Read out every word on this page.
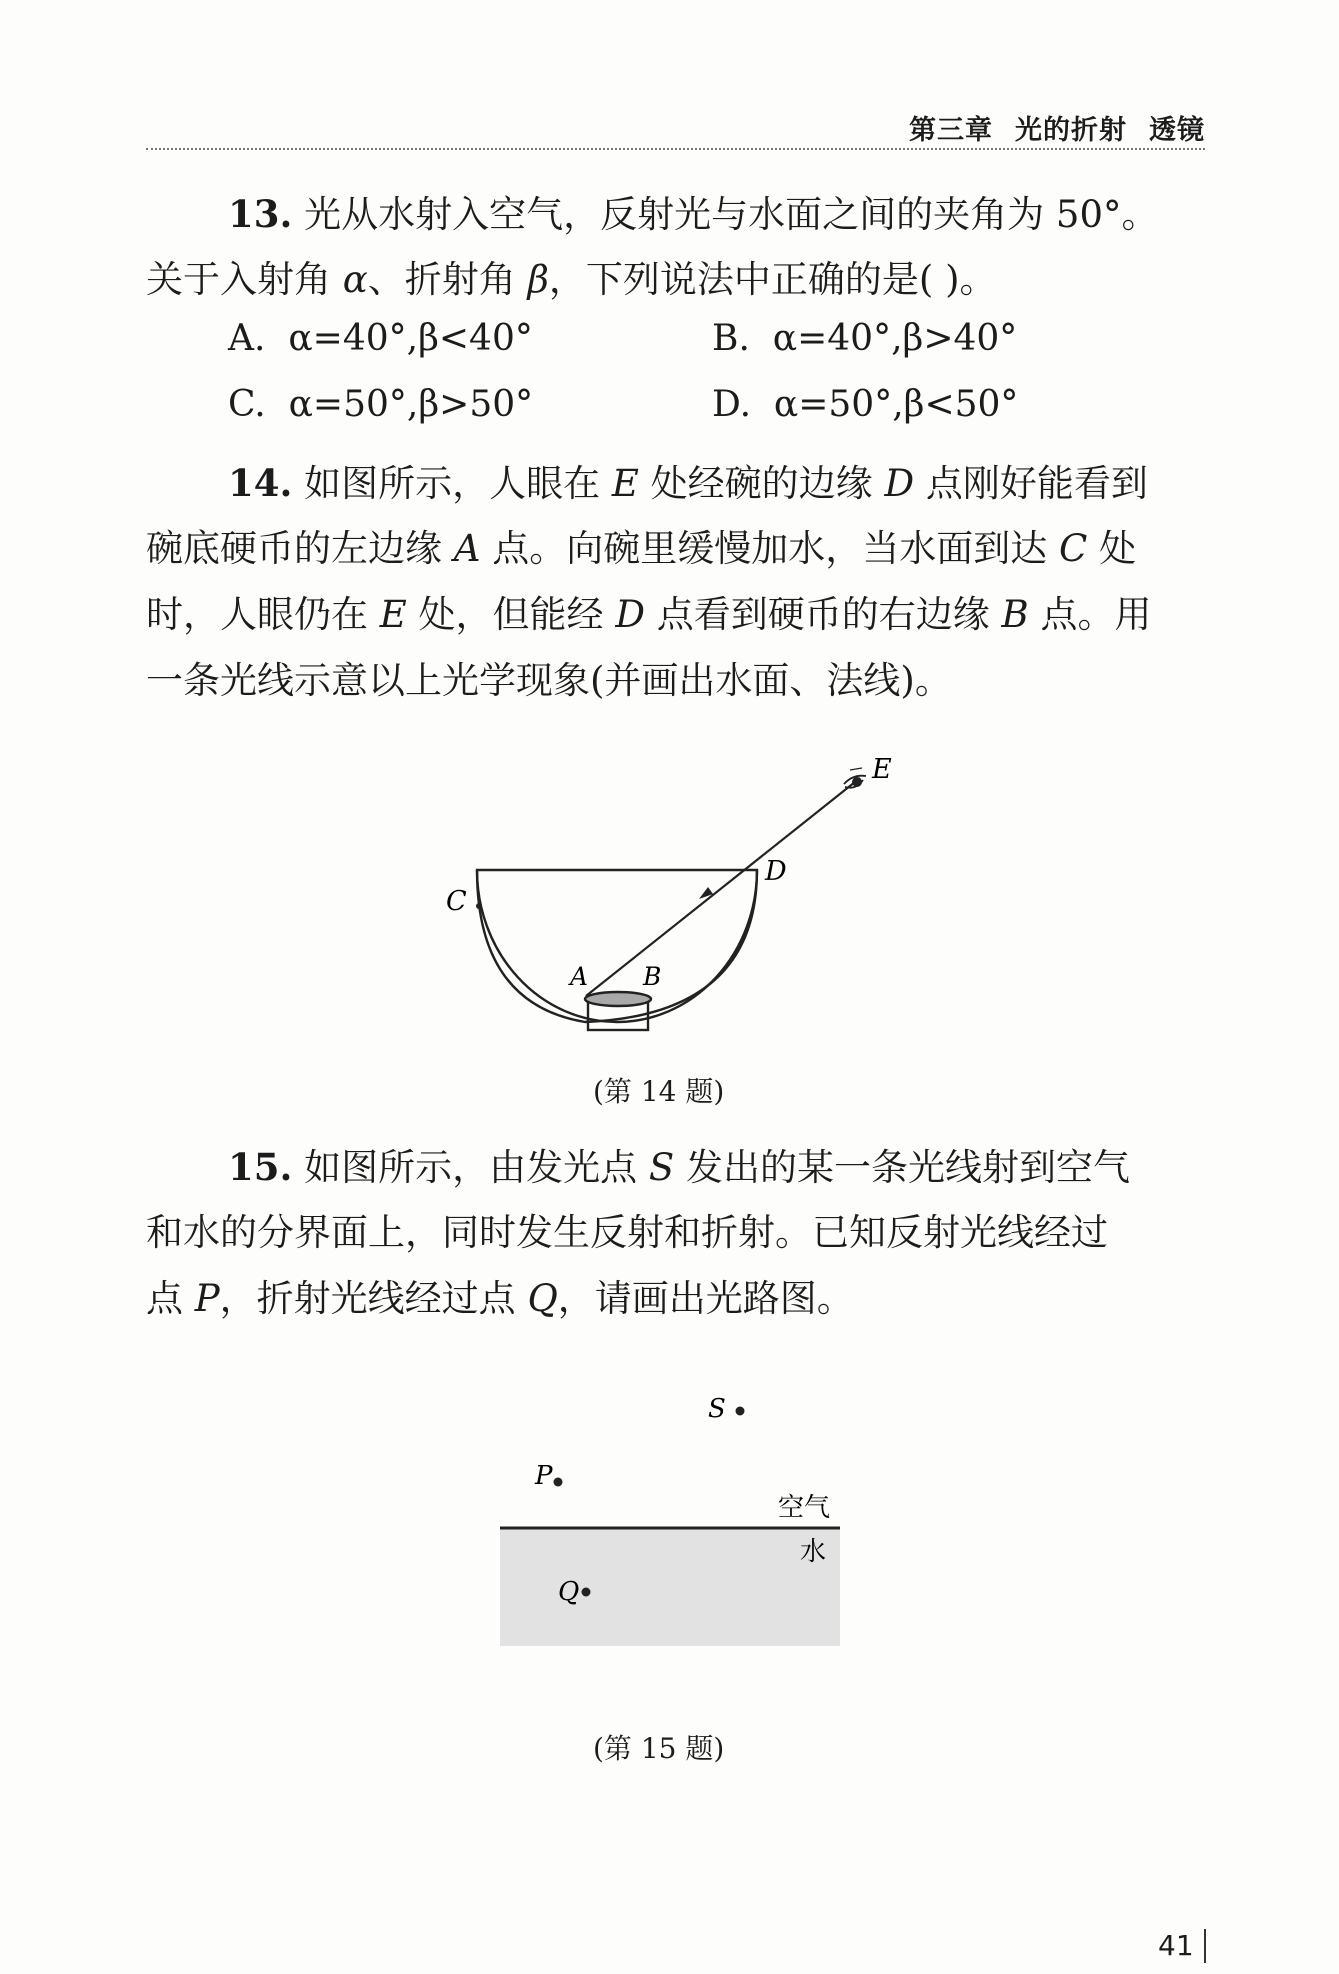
第三章 光的折射 透镜
13. 光从水射入空气，反射光与水面之间的夹角为 50°。
关于入射角 α、折射角 β，下列说法中正确的是( )。
A. α=40°,β<40°	B. α=40°,β>40°
C. α=50°,β>50°	D. α=50°,β<50°
14. 如图所示，人眼在 E 处经碗的边缘 D 点刚好能看到
碗底硬币的左边缘 A 点。向碗里缓慢加水，当水面到达 C 处
时，人眼仍在 E 处，但能经 D 点看到硬币的右边缘 B 点。用
一条光线示意以上光学现象(并画出水面、法线)。
E
D
C
A B
(第 14 题)
15. 如图所示，由发光点 S 发出的某一条光线射到空气
和水的分界面上，同时发生反射和折射。已知反射光线经过
点 P，折射光线经过点 Q，请画出光路图。
S
P
空气
水
Q
(第 15 题)
41
